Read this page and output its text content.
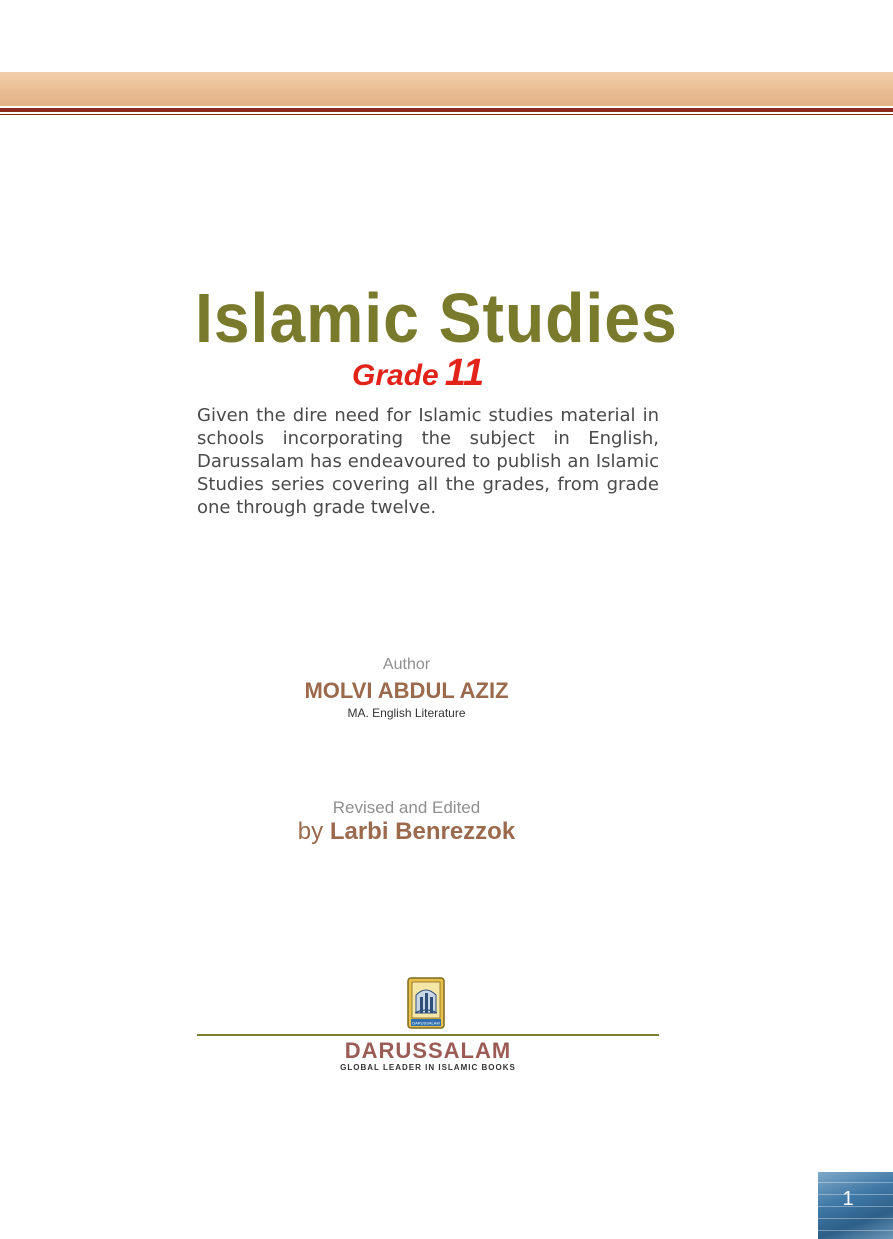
Islamic Studies
Grade 11
Given the dire need for Islamic studies material in schools incorporating the subject in English, Darussalam has endeavoured to publish an Islamic Studies series covering all the grades, from grade one through grade twelve.
Author
MOLVI ABDUL AZIZ
MA. English Literature
Revised and Edited
by Larbi Benrezzok
DARUSSALAM
DARUSSALAM
GLOBAL LEADER IN ISLAMIC BOOKS
1
